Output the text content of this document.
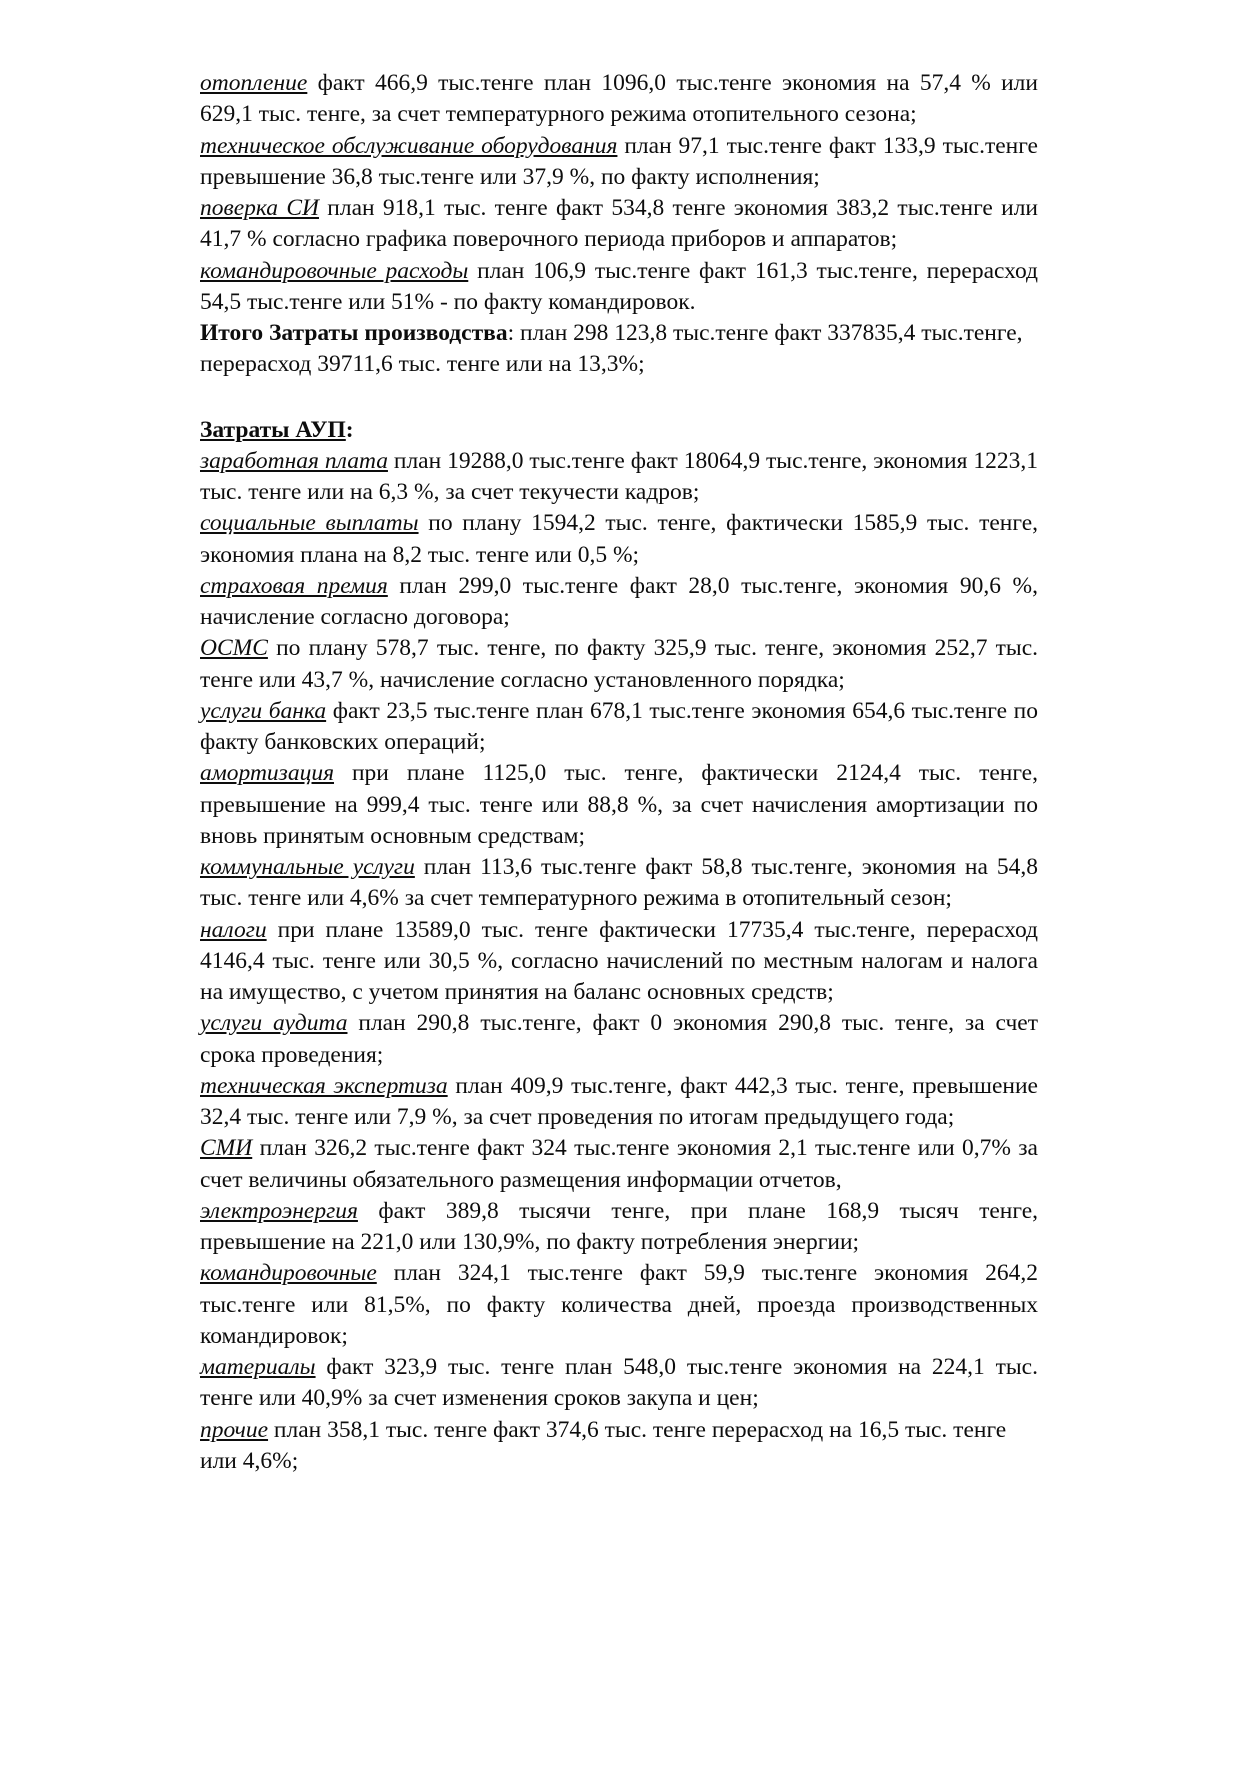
отопление факт 466,9 тыс.тенге план 1096,0 тыс.тенге экономия на 57,4 % или 629,1 тыс. тенге, за счет температурного режима отопительного сезона;

техническое обслуживание оборудования план 97,1 тыс.тенге факт 133,9 тыс.тенге превышение 36,8 тыс.тенге или 37,9 %, по факту исполнения;

поверка СИ план 918,1 тыс. тенге факт 534,8 тенге экономия 383,2 тыс.тенге или 41,7 % согласно графика поверочного периода приборов и аппаратов;

командировочные расходы план 106,9 тыс.тенге факт 161,3 тыс.тенге, перерасход 54,5 тыс.тенге или 51% - по факту командировок.

Итого Затраты производства: план 298 123,8 тыс.тенге факт 337835,4 тыс.тенге, перерасход 39711,6 тыс. тенге или на 13,3%;

Затраты АУП:

заработная плата план 19288,0 тыс.тенге факт 18064,9 тыс.тенге, экономия 1223,1 тыс. тенге или на 6,3 %, за счет текучести кадров;

социальные выплаты по плану 1594,2 тыс. тенге, фактически 1585,9 тыс. тенге, экономия плана на 8,2 тыс. тенге или 0,5 %;

страховая премия план 299,0 тыс.тенге факт 28,0 тыс.тенге, экономия 90,6 %, начисление согласно договора;

ОСМС по плану 578,7 тыс. тенге, по факту 325,9 тыс. тенге, экономия 252,7 тыс. тенге или 43,7 %, начисление согласно установленного порядка;

услуги банка факт 23,5 тыс.тенге план 678,1 тыс.тенге экономия 654,6 тыс.тенге по факту банковских операций;

амортизация при плане 1125,0 тыс. тенге, фактически 2124,4 тыс. тенге, превышение на 999,4 тыс. тенге или 88,8 %, за счет начисления амортизации по вновь принятым основным средствам;

коммунальные услуги план 113,6 тыс.тенге факт 58,8 тыс.тенге, экономия на 54,8 тыс. тенге или 4,6% за счет температурного режима в отопительный сезон;

налоги при плане 13589,0 тыс. тенге фактически 17735,4 тыс.тенге, перерасход 4146,4 тыс. тенге или 30,5 %, согласно начислений по местным налогам и налога на имущество, с учетом принятия на баланс основных средств;

услуги аудита план 290,8 тыс.тенге, факт 0 экономия 290,8 тыс. тенге, за счет срока проведения;

техническая экспертиза план 409,9 тыс.тенге, факт 442,3 тыс. тенге, превышение 32,4 тыс. тенге или 7,9 %, за счет проведения по итогам предыдущего года;

СМИ план 326,2 тыс.тенге факт 324 тыс.тенге экономия 2,1 тыс.тенге или 0,7% за счет величины обязательного размещения информации отчетов,

электроэнергия факт 389,8 тысячи тенге, при плане 168,9 тысяч тенге, превышение на 221,0 или 130,9%, по факту потребления энергии;

командировочные план 324,1 тыс.тенге факт 59,9 тыс.тенге экономия 264,2 тыс.тенге или 81,5%, по факту количества дней, проезда производственных командировок;

материалы факт 323,9 тыс. тенге план 548,0 тыс.тенге экономия на 224,1 тыс. тенге или 40,9% за счет изменения сроков закупа и цен;

прочие план 358,1 тыс. тенге факт 374,6 тыс. тенге перерасход на 16,5 тыс. тенге или 4,6%;
